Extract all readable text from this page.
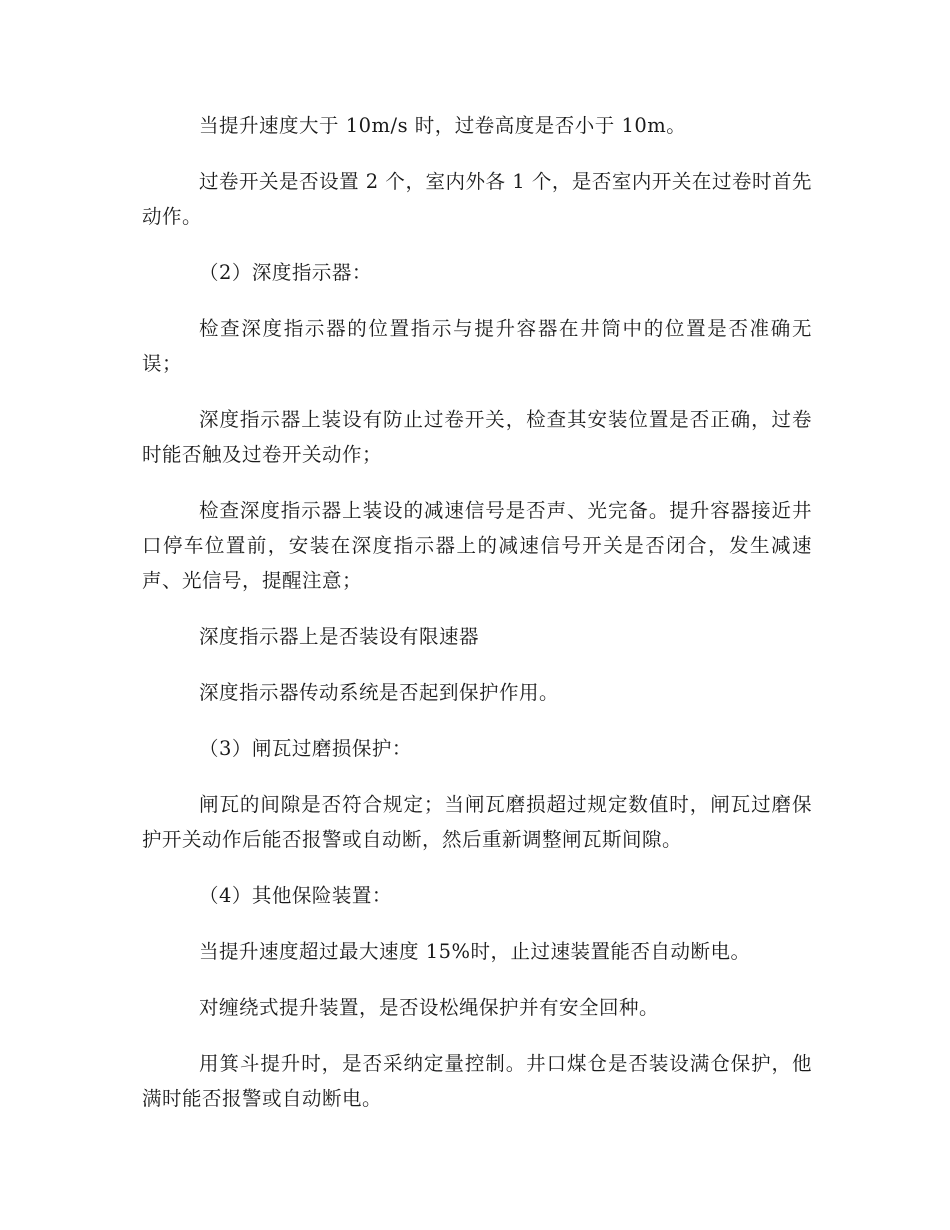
当提升速度大于 10m/s 时，过卷高度是否小于 10m。

过卷开关是否设置 2 个，室内外各 1 个，是否室内开关在过卷时首先动作。

（2）深度指示器：

检查深度指示器的位置指示与提升容器在井筒中的位置是否准确无误；

深度指示器上装设有防止过卷开关，检查其安装位置是否正确，过卷时能否触及过卷开关动作；

检查深度指示器上装设的减速信号是否声、光完备。提升容器接近井口停车位置前，安装在深度指示器上的减速信号开关是否闭合，发生减速声、光信号，提醒注意；

深度指示器上是否装设有限速器

深度指示器传动系统是否起到保护作用。

（3）闸瓦过磨损保护：

闸瓦的间隙是否符合规定；当闸瓦磨损超过规定数值时，闸瓦过磨保护开关动作后能否报警或自动断，然后重新调整闸瓦斯间隙。

（4）其他保险装置：

当提升速度超过最大速度 15%时，止过速装置能否自动断电。

对缠绕式提升装置，是否设松绳保护并有安全回种。

用箕斗提升时，是否采纳定量控制。井口煤仓是否装设满仓保护，他满时能否报警或自动断电。
